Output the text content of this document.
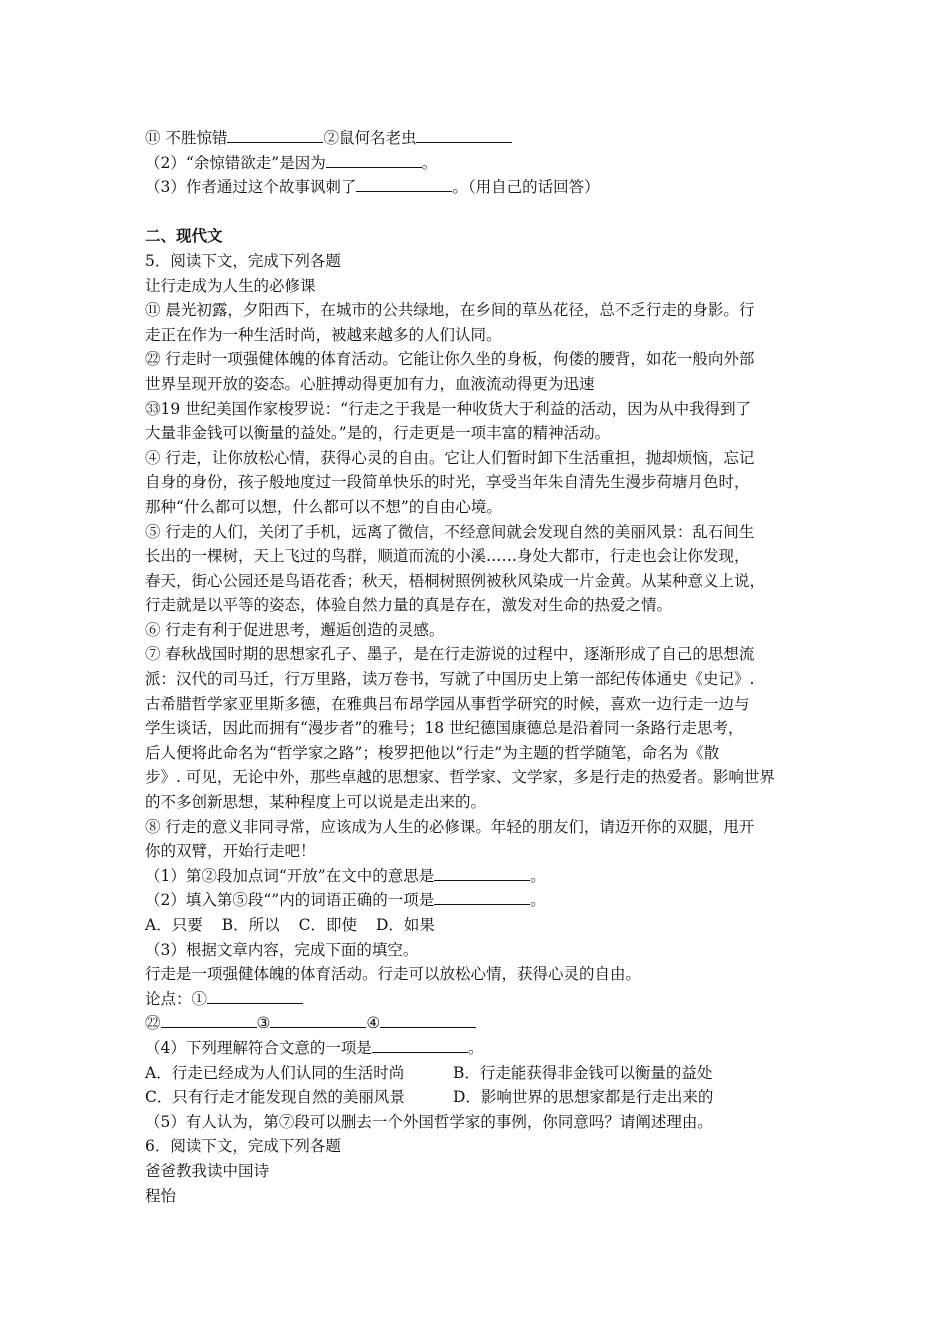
⑪ 不胜惊错	②鼠何名老虫
（2）“余惊错欲走”是因为	。
（3）作者通过这个故事讽刺了	。（用自己的话回答）
二、现代文
5．阅读下文，完成下列各题
让行走成为人生的必修课
⑪ 晨光初露，夕阳西下，在城市的公共绿地，在乡间的草丛花径，总不乏行走的身影。行
走正在作为一种生活时尚，被越来越多的人们认同。
㉒ 行走时一项强健体魄的体育活动。它能让你久坐的身板，佝偻的腰背，如花一般向外部
世界呈现开放的姿态。心脏搏动得更加有力，血液流动得更为迅速
㉝19 世纪美国作家梭罗说：“行走之于我是一种收货大于利益的活动，因为从中我得到了
大量非金钱可以衡量的益处。”是的，行走更是一项丰富的精神活动。
④ 行走，让你放松心情，获得心灵的自由。它让人们暂时卸下生活重担，抛却烦恼，忘记
自身的身份，孩子般地度过一段简单快乐的时光，享受当年朱自清先生漫步荷塘月色时，
那种“什么都可以想，什么都可以不想”的自由心境。
⑤ 行走的人们，关闭了手机，远离了微信，不经意间就会发现自然的美丽风景：乱石间生
长出的一棵树，天上飞过的鸟群，顺道而流的小溪……身处大都市，行走也会让你发现，
春天，街心公园还是鸟语花香；秋天，梧桐树照例被秋风染成一片金黄。从某种意义上说，
行走就是以平等的姿态，体验自然力量的真是存在，激发对生命的热爱之情。
⑥ 行走有利于促进思考，邂逅创造的灵感。
⑦ 春秋战国时期的思想家孔子、墨子，是在行走游说的过程中，逐渐形成了自己的思想流
派：汉代的司马迁，行万里路，读万卷书，写就了中国历史上第一部纪传体通史《史记》.
古希腊哲学家亚里斯多德，在雅典吕布昂学园从事哲学研究的时候，喜欢一边行走一边与
学生谈话，因此而拥有“漫步者”的雅号；18 世纪德国康德总是沿着同一条路行走思考，
后人便将此命名为“哲学家之路”；梭罗把他以“行走”为主题的哲学随笔，命名为《散
步》. 可见，无论中外，那些卓越的思想家、哲学家、文学家，多是行走的热爱者。影响世界
的不多创新思想，某种程度上可以说是走出来的。
⑧ 行走的意义非同寻常，应该成为人生的必修课。年轻的朋友们，请迈开你的双腿，甩开
你的双臂，开始行走吧！
（1）第②段加点词“开放”在文中的意思是	。
（2）填入第⑤段“”内的词语正确的一项是	。
A．只要 B．所以 C．即使 D．如果
（3）根据文章内容，完成下面的填空。
行走是一项强健体魄的体育活动。行走可以放松心情，获得心灵的自由。
论点：①
㉒	③	④
（4）下列理解符合文意的一项是	。
A．行走已经成为人们认同的生活时尚	B．行走能获得非金钱可以衡量的益处
C．只有行走才能发现自然的美丽风景	D．影响世界的思想家都是行走出来的
（5）有人认为，第⑦段可以删去一个外国哲学家的事例，你同意吗？请阐述理由。
6．阅读下文，完成下列各题
爸爸教我读中国诗
程怡
